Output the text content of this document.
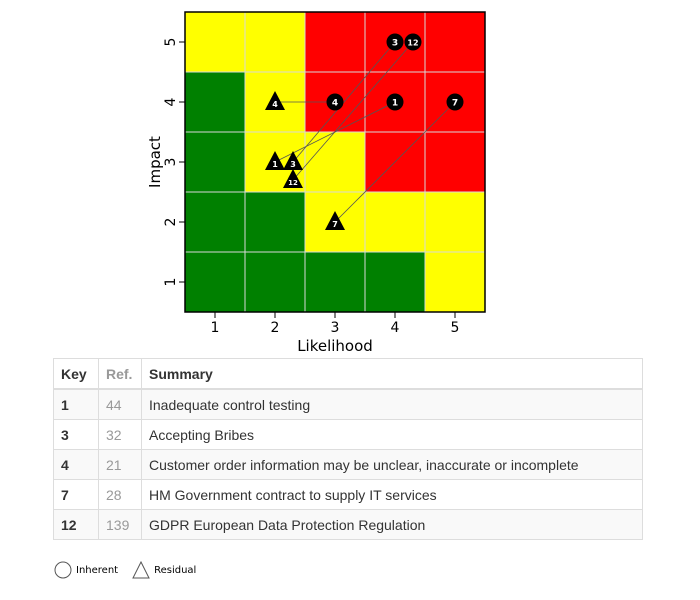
1	2	3	4	5
1
2
3
4
5
Likelihood
Impact
3 12
4	1	7
4
1 3
12
7
Key	Ref.	Summary
1	44	Inadequate control testing
3	32	Accepting Bribes
4	21	Customer order information may be unclear, inaccurate or incomplete
7	28	HM Government contract to supply IT services
12	139	GDPR European Data Protection Regulation
Inherent	Residual
